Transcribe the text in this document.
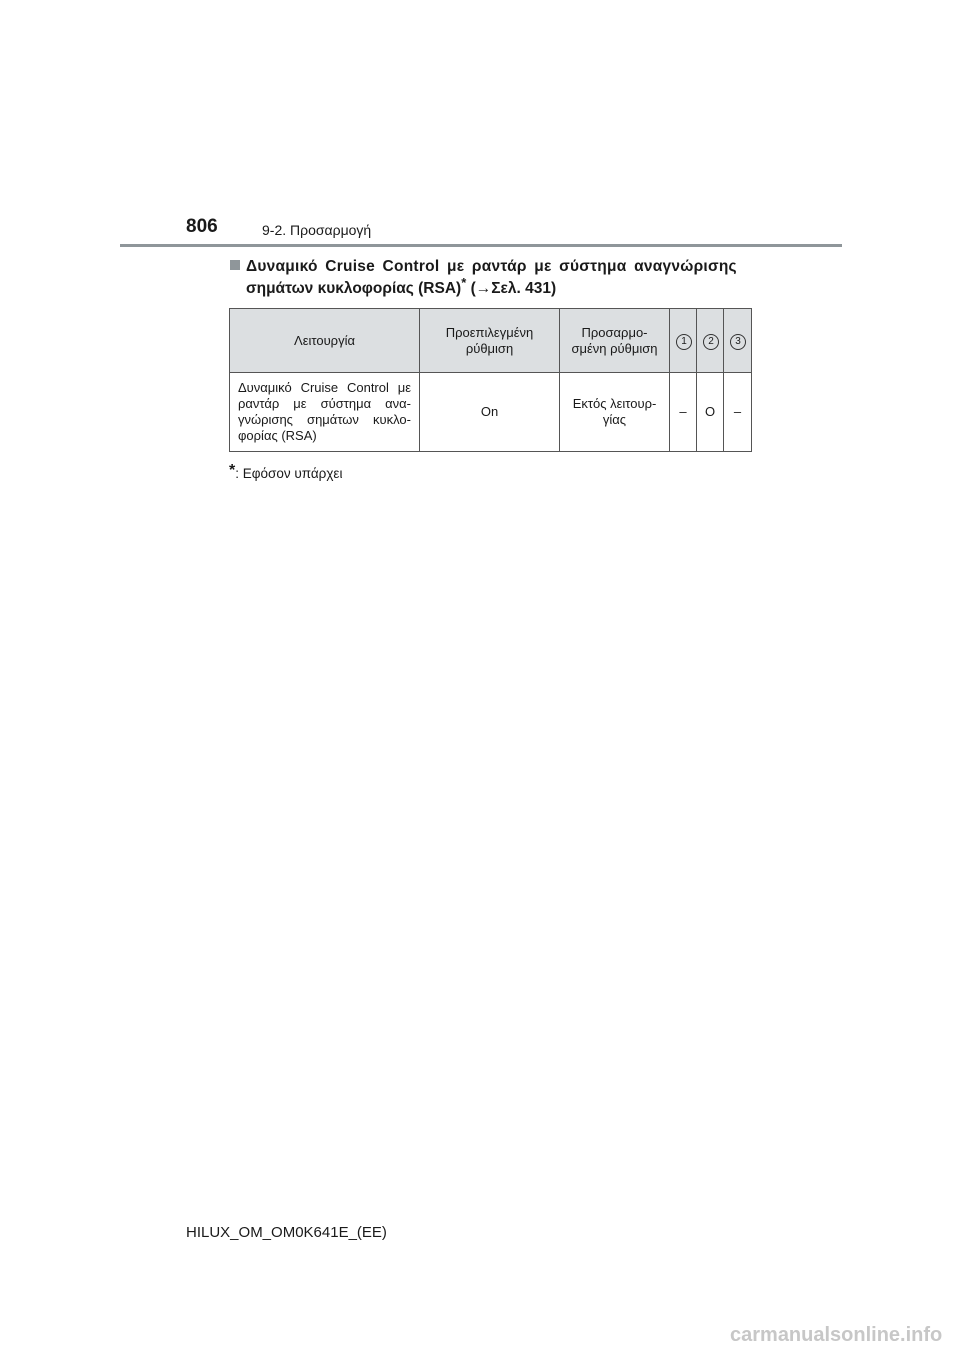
806	9-2. Προσαρμογή
Δυναμικό Cruise Control με ραντάρ με σύστημα αναγνώρισης
σημάτων κυκλοφορίας (RSA)* (→Σελ. 431)
Λειτουργία	Προεπιλεγμένη ρύθμιση	Προσαρμο-σμένη ρύθμιση	1	2	3
Δυναμικό Cruise Control με ραντάρ με σύστημα ανα-γνώρισης σημάτων κυκλο-φορίας (RSA)	On	Εκτός λειτουρ-γίας	–	O	–
*: Εφόσον υπάρχει
HILUX_OM_OM0K641E_(EE)
carmanualsonline.info
